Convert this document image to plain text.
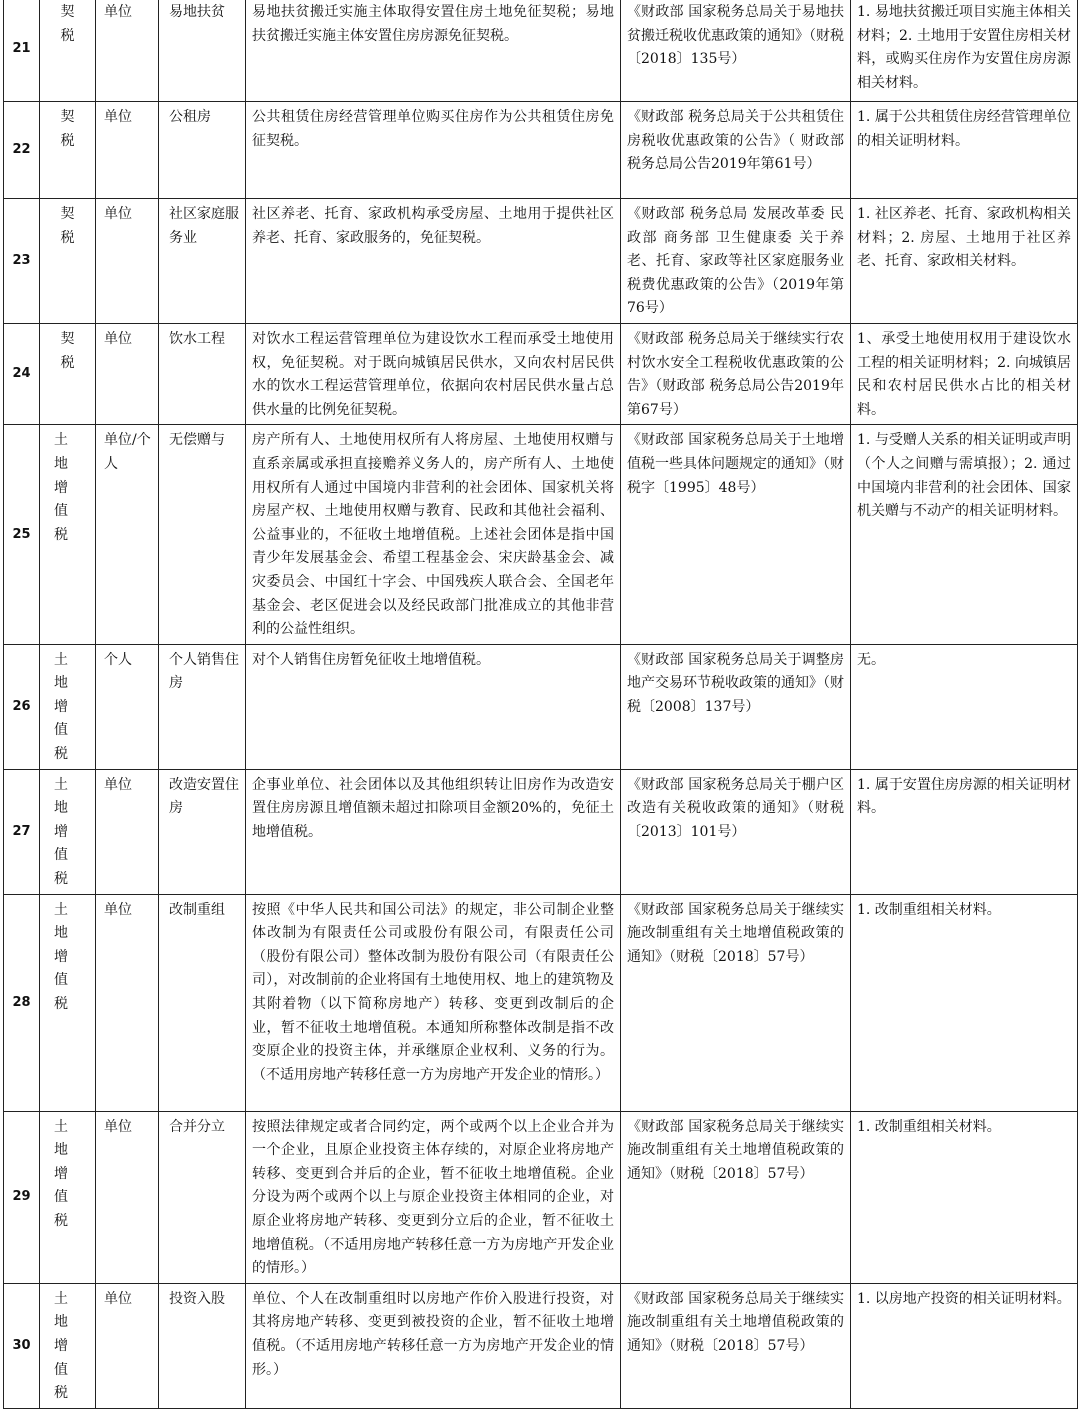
21	契税	单位	易地扶贫	易地扶贫搬迁实施主体取得安置住房土地免征契税；易地扶贫搬迁实施主体安置住房房源免征契税。	《财政部 国家税务总局关于易地扶贫搬迁税收优惠政策的通知》（财税〔2018〕135号）	1. 易地扶贫搬迁项目实施主体相关材料；2. 土地用于安置住房相关材料，或购买住房作为安置住房房源相关材料。
22	契税	单位	公租房	公共租赁住房经营管理单位购买住房作为公共租赁住房免征契税。	《财政部 税务总局关于公共租赁住房税收优惠政策的公告》（ 财政部 税务总局公告2019年第61号）	1. 属于公共租赁住房经营管理单位的相关证明材料。
23	契税	单位	社区家庭服务业	社区养老、托育、家政机构承受房屋、土地用于提供社区养老、托育、家政服务的，免征契税。	《财政部 税务总局 发展改革委 民政部 商务部 卫生健康委 关于养老、托育、家政等社区家庭服务业税费优惠政策的公告》（2019年第76号）	1. 社区养老、托育、家政机构相关材料；2. 房屋、土地用于社区养老、托育、家政相关材料。
24	契税	单位	饮水工程	对饮水工程运营管理单位为建设饮水工程而承受土地使用权，免征契税。对于既向城镇居民供水，又向农村居民供水的饮水工程运营管理单位，依据向农村居民供水量占总供水量的比例免征契税。	《财政部 税务总局关于继续实行农村饮水安全工程税收优惠政策的公告》（财政部 税务总局公告2019年第67号）	1、承受土地使用权用于建设饮水工程的相关证明材料；2. 向城镇居民和农村居民供水占比的相关材料。
25	土地增值税	单位/个人	无偿赠与	房产所有人、土地使用权所有人将房屋、土地使用权赠与直系亲属或承担直接赡养义务人的，房产所有人、土地使用权所有人通过中国境内非营利的社会团体、国家机关将房屋产权、土地使用权赠与教育、民政和其他社会福利、公益事业的，不征收土地增值税。上述社会团体是指中国青少年发展基金会、希望工程基金会、宋庆龄基金会、减灾委员会、中国红十字会、中国残疾人联合会、全国老年基金会、老区促进会以及经民政部门批准成立的其他非营利的公益性组织。	《财政部 国家税务总局关于土地增值税一些具体问题规定的通知》（财税字〔1995〕48号）	1. 与受赠人关系的相关证明或声明（个人之间赠与需填报）；2. 通过中国境内非营利的社会团体、国家机关赠与不动产的相关证明材料。
26	土地增值税	个人	个人销售住房	对个人销售住房暂免征收土地增值税。	《财政部 国家税务总局关于调整房地产交易环节税收政策的通知》（财税〔2008〕137号）	无。
27	土地增值税	单位	改造安置住房	企事业单位、社会团体以及其他组织转让旧房作为改造安置住房房源且增值额未超过扣除项目金额20%的，免征土地增值税。	《财政部 国家税务总局关于棚户区改造有关税收政策的通知》（财税〔2013〕101号）	1. 属于安置住房房源的相关证明材料。
28	土地增值税	单位	改制重组	按照《中华人民共和国公司法》的规定，非公司制企业整体改制为有限责任公司或股份有限公司，有限责任公司（股份有限公司）整体改制为股份有限公司（有限责任公司），对改制前的企业将国有土地使用权、地上的建筑物及其附着物（以下简称房地产）转移、变更到改制后的企业，暂不征收土地增值税。本通知所称整体改制是指不改变原企业的投资主体，并承继原企业权利、义务的行为。（不适用房地产转移任意一方为房地产开发企业的情形。）	《财政部 国家税务总局关于继续实施改制重组有关土地增值税政策的通知》（财税〔2018〕57号）	1. 改制重组相关材料。
29	土地增值税	单位	合并分立	按照法律规定或者合同约定，两个或两个以上企业合并为一个企业，且原企业投资主体存续的，对原企业将房地产转移、变更到合并后的企业，暂不征收土地增值税。企业分设为两个或两个以上与原企业投资主体相同的企业，对原企业将房地产转移、变更到分立后的企业，暂不征收土地增值税。（不适用房地产转移任意一方为房地产开发企业的情形。）	《财政部 国家税务总局关于继续实施改制重组有关土地增值税政策的通知》（财税〔2018〕57号）	1. 改制重组相关材料。
30	土地增值税	单位	投资入股	单位、个人在改制重组时以房地产作价入股进行投资，对其将房地产转移、变更到被投资的企业，暂不征收土地增值税。（不适用房地产转移任意一方为房地产开发企业的情形。）	《财政部 国家税务总局关于继续实施改制重组有关土地增值税政策的通知》（财税〔2018〕57号）	1. 以房地产投资的相关证明材料。
